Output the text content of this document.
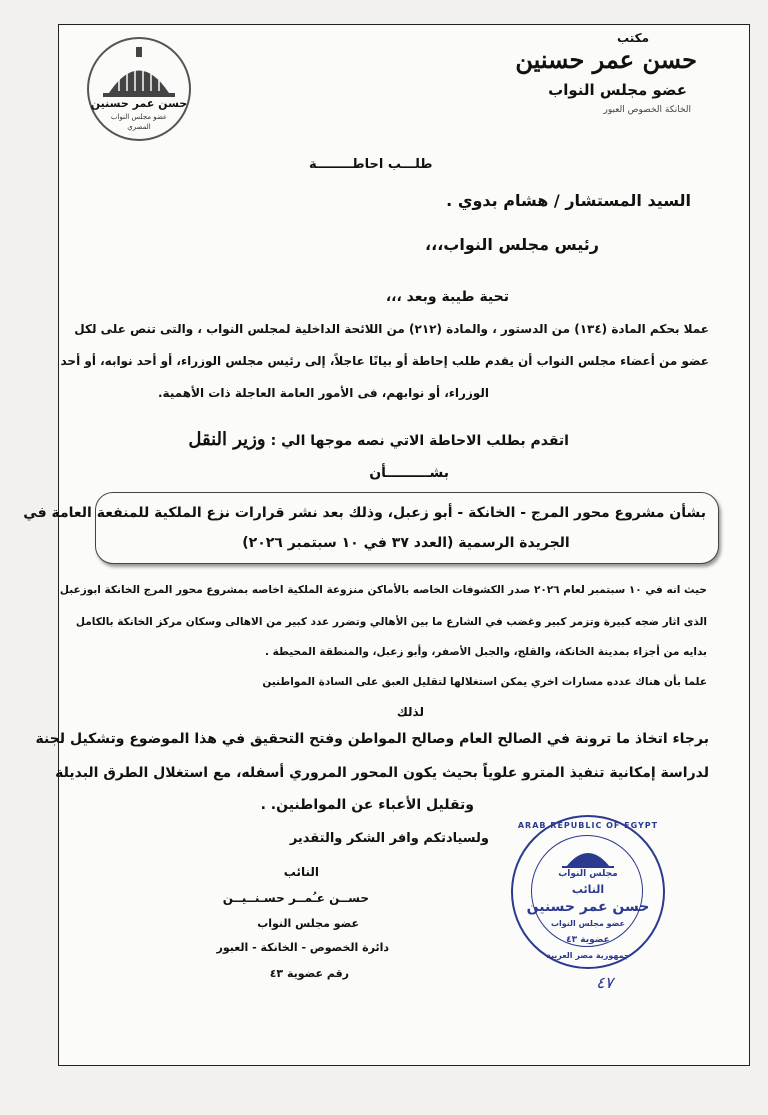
مكتب
حسن عمر حسنين
عضو مجلس النواب
الخانكة الخصوص العبور
حسن عمر حسنين
عضو مجلس النواب
المصري
طلـــب احاطــــــــة
السيد المستشار / هشام بدوي .
رئيس مجلس النواب،،،
تحية طيبة وبعد ،،،
عملا بحكم المادة (١٣٤) من الدستور ، والمادة (٢١٢) من اللائحة الداخلية لمجلس النواب ، والتى تنص على لكل
عضو من أعضاء مجلس النواب أن يقدم طلب إحاطة أو بيانًا عاجلاً، إلى رئيس مجلس الوزراء، أو أحد نوابه، أو أحد
الوزراء، أو نوابهم، فى الأمور العامة العاجلة ذات الأهمية.
اتقدم بطلب الاحاطة الاتي نصه موجها الي : وزير النقل
بشـــــــــأن
بشأن مشروع محور المرج - الخانكة - أبو زعبل، وذلك بعد نشر قرارات نزع الملكية للمنفعة العامة في
الجريدة الرسمية (العدد ٣٧ في ١٠ سبتمبر ٢٠٢٦)
حيث انه في ١٠ سبتمبر لعام ٢٠٢٦ صدر الكشوفات الخاصه بالأماكن منزوعة الملكية اخاصه بمشروع محور المرج الخانكة ابوزعبل
الذى اثار ضجه كبيرة وتزمر كبير وغضب في الشارع ما بين الأهالي وتضرر عدد كبير من الاهالى وسكان مركز الخانكة بالكامل
بدايه من أجزاء بمدينة الخانكة، والقلج، والجبل الأصفر، وأبو زعبل، والمنطقة المحيطة .
علما بأن هناك عدده مسارات اخري يمكن استغلالها لتقليل العبق على السادة المواطنين
لذلك
برجاء اتخاذ ما ترونة في الصالح العام وصالح المواطن وفتح التحقيق في هذا الموضوع وتشكيل لجنة
لدراسة إمكانية تنفيذ المترو علوياً بحيث يكون المحور المروري أسفله، مع استغلال الطرق البديلة
وتقليل الأعباء عن المواطنين. .
ولسيادتكم وافر الشكر والتقدير
النائب
حســن عـُمــر حسـنــيــن
عضو مجلس النواب
دائرة الخصوص - الخانكة - العبور
رقم عضوية ٤٣
ARAB REPUBLIC OF EGYPT
جمهورية مصر العربية
مجلس النواب
النائب
حسن عمر حسنين
عضو مجلس النواب
عضوية ٤٣
٤٧
